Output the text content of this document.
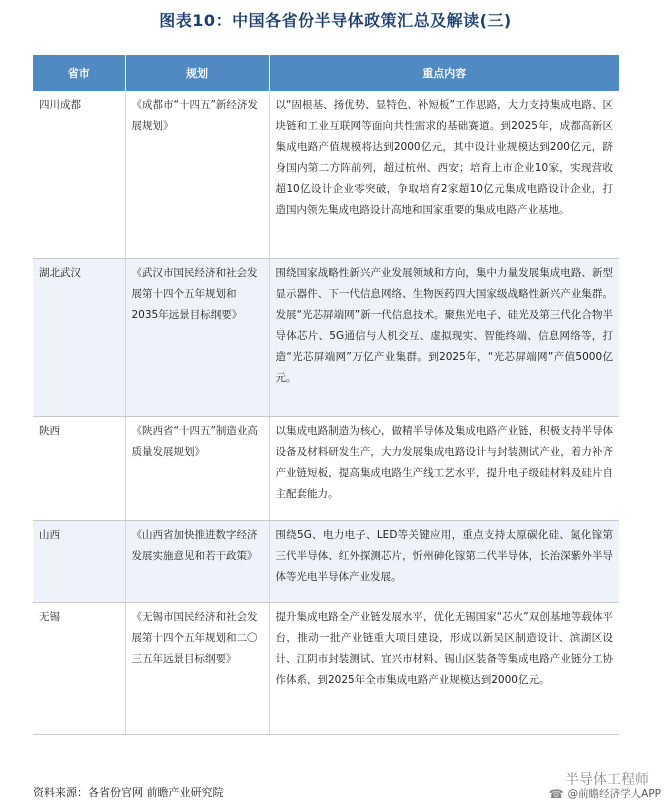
图表10：中国各省份半导体政策汇总及解读(三)
省市	规划	重点内容
四川成都	《成都市“十四五”新经济发展规划》	以“固根基、扬优势、显特色、补短板”工作思路，大力支持集成电路、区块链和工业互联网等面向共性需求的基础赛道。到2025年，成都高新区集成电路产值规模将达到2000亿元，其中设计业规模达到200亿元，跻身国内第二方阵前列，超过杭州、西安；培育上市企业10家，实现营收超10亿设计企业零突破，争取培育2家超10亿元集成电路设计企业，打造国内领先集成电路设计高地和国家重要的集成电路产业基地。
湖北武汉	《武汉市国民经济和社会发展第十四个五年规划和2035年远景目标纲要》	围绕国家战略性新兴产业发展领域和方向，集中力量发展集成电路、新型显示器件、下一代信息网络、生物医药四大国家级战略性新兴产业集群。发展“光芯屏端网”新一代信息技术。聚焦光电子、硅光及第三代化合物半导体芯片、5G通信与人机交互、虚拟现实、智能终端、信息网络等，打造“光芯屏端网”万亿产业集群。到2025年，“光芯屏端网”产值5000亿元。
陕西	《陕西省“十四五”制造业高质量发展规划》	以集成电路制造为核心，做精半导体及集成电路产业链，积极支持半导体设备及材料研发生产，大力发展集成电路设计与封装测试产业，着力补齐产业链短板，提高集成电路生产线工艺水平，提升电子级硅材料及硅片自主配套能力。
山西	《山西省加快推进数字经济发展实施意见和若干政策》	围绕5G、电力电子、LED等关键应用，重点支持太原碳化硅、氮化镓第三代半导体、红外探测芯片，忻州砷化镓第二代半导体，长治深紫外半导体等光电半导体产业发展。
无锡	《无锡市国民经济和社会发展第十四个五年规划和二〇三五年远景目标纲要》	提升集成电路全产业链发展水平，优化无锡国家“芯火”双创基地等载体平台，推动一批产业链重大项目建设，形成以新吴区制造设计、滨湖区设计、江阴市封装测试、宜兴市材料、锡山区装备等集成电路产业链分工协作体系，到2025年全市集成电路产业规模达到2000亿元。
资料来源：各省份官网 前瞻产业研究院	☎ @前瞻经济学人APP
半导体工程师
